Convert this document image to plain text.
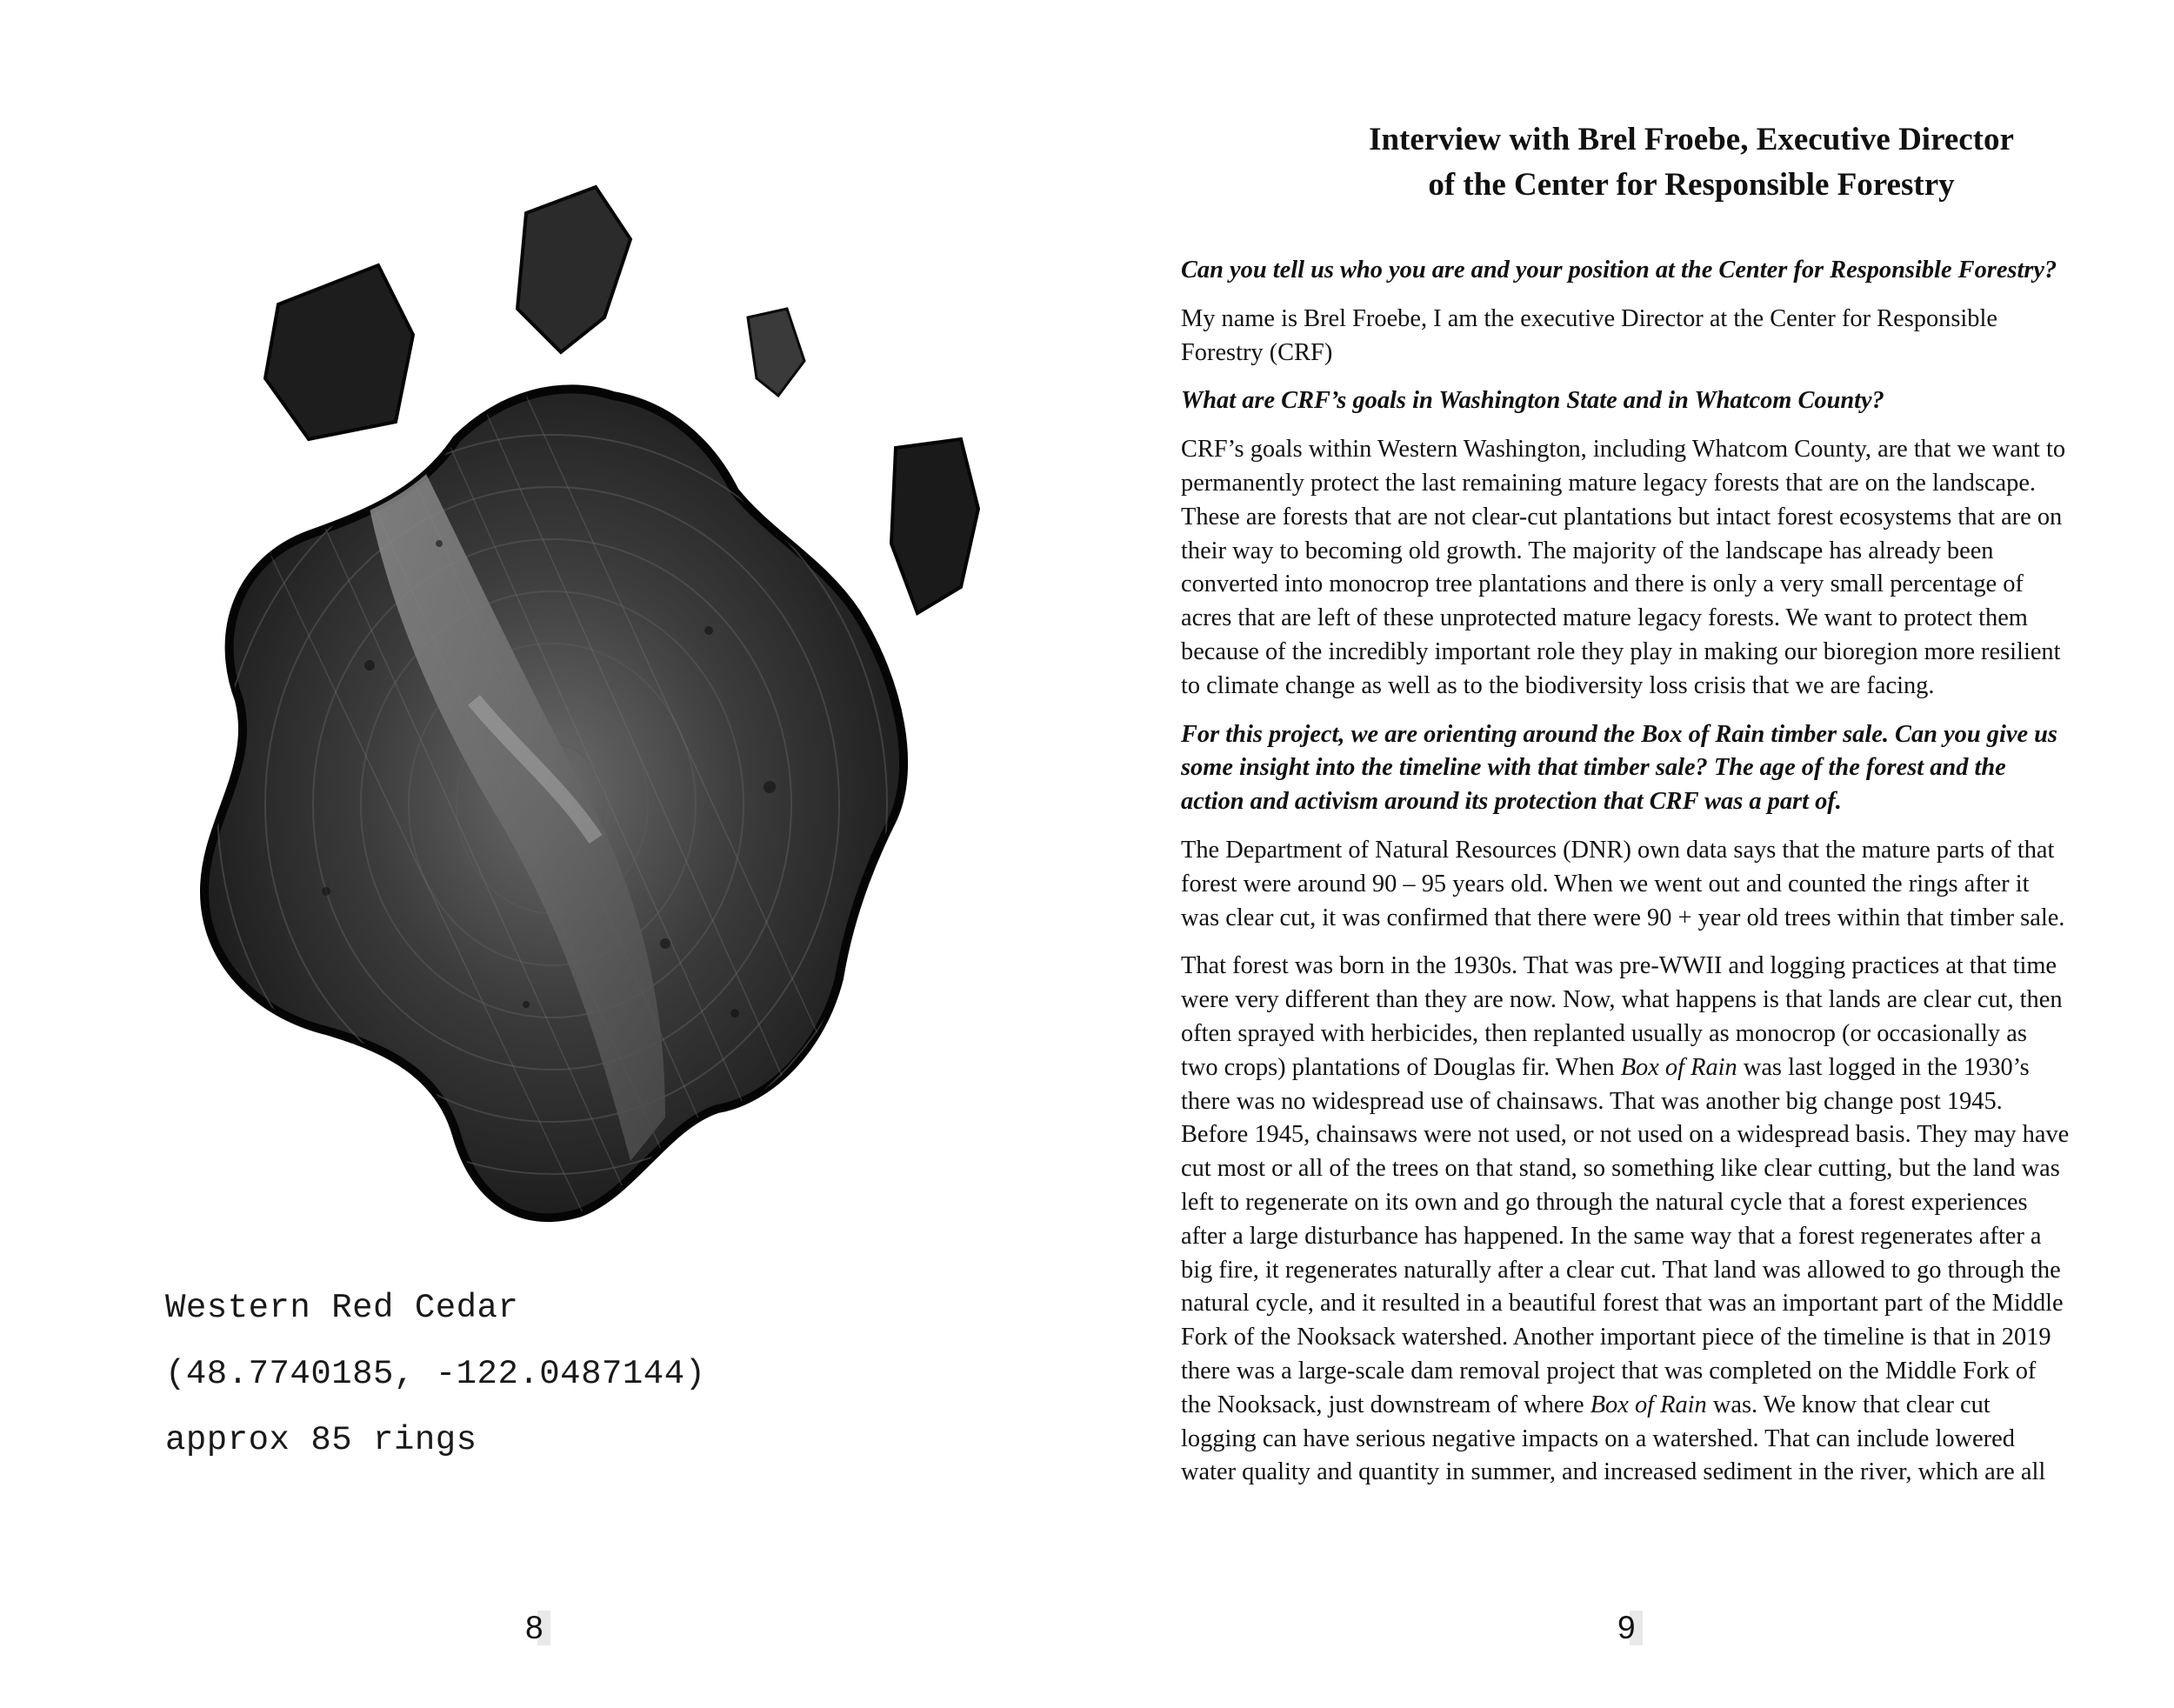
Western Red Cedar
(48.7740185, -122.0487144)
approx 85 rings
8
Interview with Brel Froebe, Executive Director
of the Center for Responsible Forestry

Can you tell us who you are and your position at the Center for Responsible Forestry?

My name is Brel Froebe, I am the executive Director at the Center for Responsible
Forestry (CRF)

What are CRF’s goals in Washington State and in Whatcom County?

CRF’s goals within Western Washington, including Whatcom County, are that we want to
permanently protect the last remaining mature legacy forests that are on the landscape.
These are forests that are not clear-cut plantations but intact forest ecosystems that are on
their way to becoming old growth. The majority of the landscape has already been
converted into monocrop tree plantations and there is only a very small percentage of
acres that are left of these unprotected mature legacy forests. We want to protect them
because of the incredibly important role they play in making our bioregion more resilient
to climate change as well as to the biodiversity loss crisis that we are facing.

For this project, we are orienting around the Box of Rain timber sale. Can you give us
some insight into the timeline with that timber sale? The age of the forest and the
action and activism around its protection that CRF was a part of.

The Department of Natural Resources (DNR) own data says that the mature parts of that
forest were around 90 – 95 years old. When we went out and counted the rings after it
was clear cut, it was confirmed that there were 90 + year old trees within that timber sale.

That forest was born in the 1930s. That was pre-WWII and logging practices at that time
were very different than they are now. Now, what happens is that lands are clear cut, then
often sprayed with herbicides, then replanted usually as monocrop (or occasionally as
two crops) plantations of Douglas fir. When Box of Rain was last logged in the 1930’s
there was no widespread use of chainsaws. That was another big change post 1945.
Before 1945, chainsaws were not used, or not used on a widespread basis. They may have
cut most or all of the trees on that stand, so something like clear cutting, but the land was
left to regenerate on its own and go through the natural cycle that a forest experiences
after a large disturbance has happened. In the same way that a forest regenerates after a
big fire, it regenerates naturally after a clear cut. That land was allowed to go through the
natural cycle, and it resulted in a beautiful forest that was an important part of the Middle
Fork of the Nooksack watershed. Another important piece of the timeline is that in 2019
there was a large-scale dam removal project that was completed on the Middle Fork of
the Nooksack, just downstream of where Box of Rain was. We know that clear cut
logging can have serious negative impacts on a watershed. That can include lowered
water quality and quantity in summer, and increased sediment in the river, which are all

9
